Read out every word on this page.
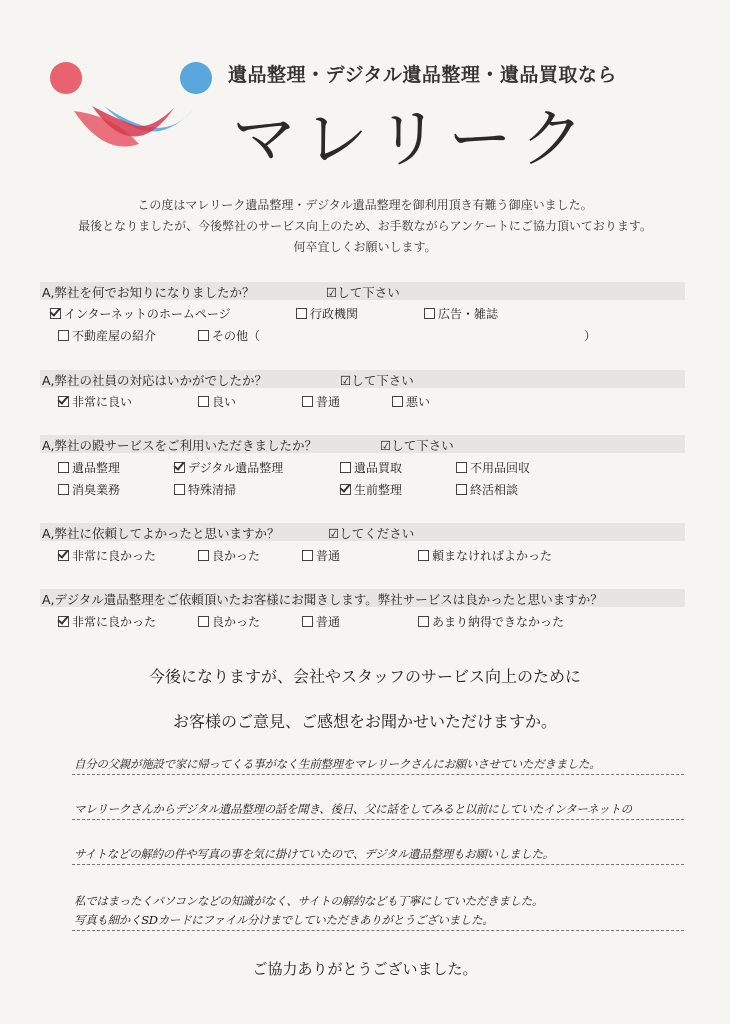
遺品整理・デジタル遺品整理・遺品買取なら
マレリーク
この度はマレリーク遺品整理・デジタル遺品整理を御利用頂き有難う御座いました。
最後となりましたが、今後弊社のサービス向上のため、お手数ながらアンケートにご協力頂いております。
何卒宜しくお願いします。
A,弊社を何でお知りになりましたか？	☑して下さい
インターネットのホームページ	行政機関	広告・雑誌
不動産屋の紹介	その他（	）
A,弊社の社員の対応はいかがでしたか？	☑して下さい
非常に良い	良い	普通	悪い
A,弊社の殿サービスをご利用いただきましたか？	☑して下さい
遺品整理	デジタル遺品整理	遺品買取	不用品回収
消臭業務	特殊清掃	生前整理	終活相談
A,弊社に依頼してよかったと思いますか？	☑してください
非常に良かった	良かった	普通	頼まなければよかった
A,デジタル遺品整理をご依頼頂いたお客様にお聞きします。弊社サービスは良かったと思いますか？
非常に良かった	良かった	普通	あまり納得できなかった
今後になりますが、会社やスタッフのサービス向上のために
お客様のご意見、ご感想をお聞かせいただけますか。
自分の父親が施設で家に帰ってくる事がなく生前整理をマレリークさんにお願いさせていただきました。
マレリークさんからデジタル遺品整理の話を聞き、後日、父に話をしてみると以前にしていたインターネットの
サイトなどの解約の件や写真の事を気に掛けていたので、デジタル遺品整理もお願いしました。
私ではまったくパソコンなどの知識がなく、サイトの解約なども丁寧にしていただきました。
写真も細かくSDカードにファイル分けまでしていただきありがとうございました。
ご協力ありがとうございました。
